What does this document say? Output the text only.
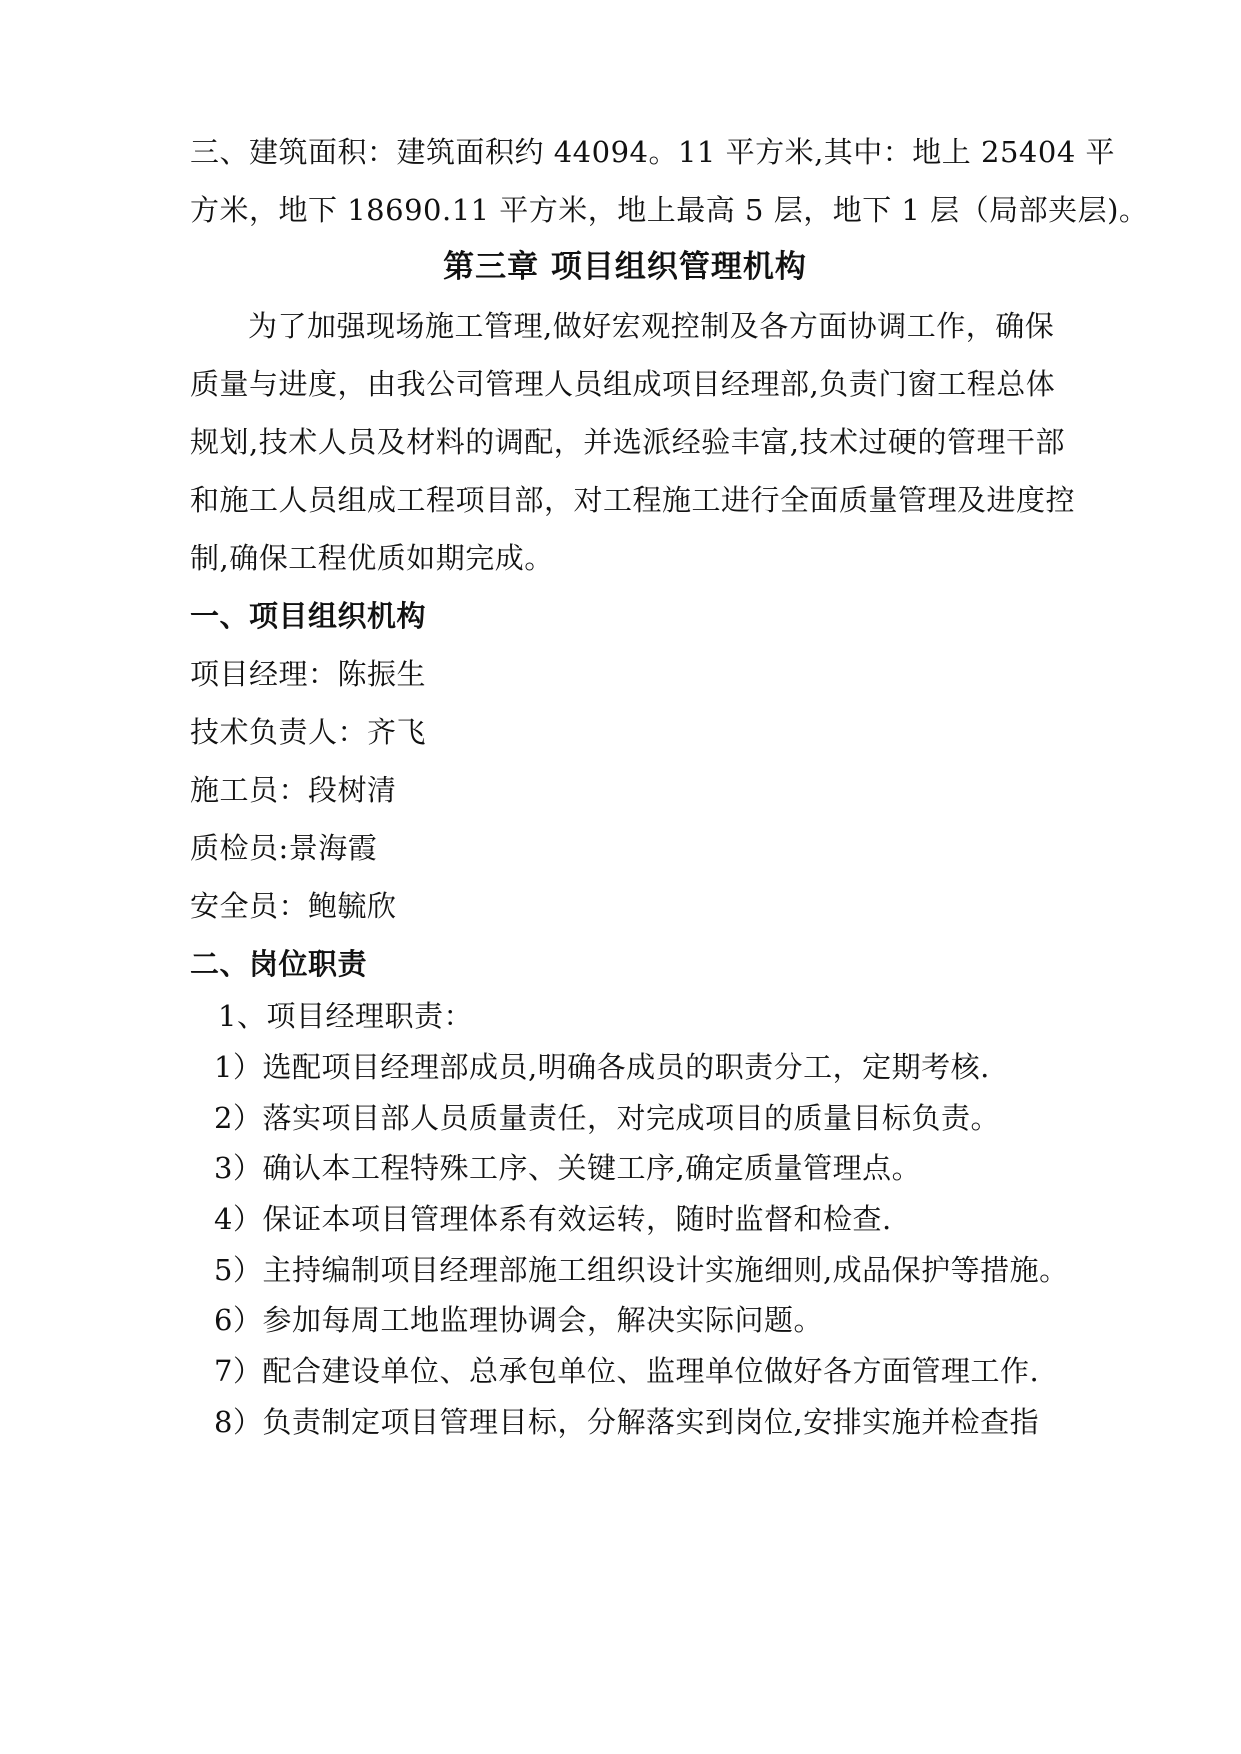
三、建筑面积：建筑面积约 44094。11 平方米,其中：地上 25404 平
方米，地下 18690.11 平方米，地上最高 5 层，地下 1 层（局部夹层)。
第三章 项目组织管理机构
为了加强现场施工管理,做好宏观控制及各方面协调工作，确保
质量与进度，由我公司管理人员组成项目经理部,负责门窗工程总体
规划,技术人员及材料的调配，并选派经验丰富,技术过硬的管理干部
和施工人员组成工程项目部，对工程施工进行全面质量管理及进度控
制,确保工程优质如期完成。
一、项目组织机构
项目经理：陈振生
技术负责人：齐飞
施工员：段树清
质检员:景海霞
安全员：鲍毓欣
二、岗位职责
1、项目经理职责：
1）选配项目经理部成员,明确各成员的职责分工，定期考核.
2）落实项目部人员质量责任，对完成项目的质量目标负责。
3）确认本工程特殊工序、关键工序,确定质量管理点。
4）保证本项目管理体系有效运转，随时监督和检查.
5）主持编制项目经理部施工组织设计实施细则,成品保护等措施。
6）参加每周工地监理协调会，解决实际问题。
7）配合建设单位、总承包单位、监理单位做好各方面管理工作.
8）负责制定项目管理目标，分解落实到岗位,安排实施并检查指
